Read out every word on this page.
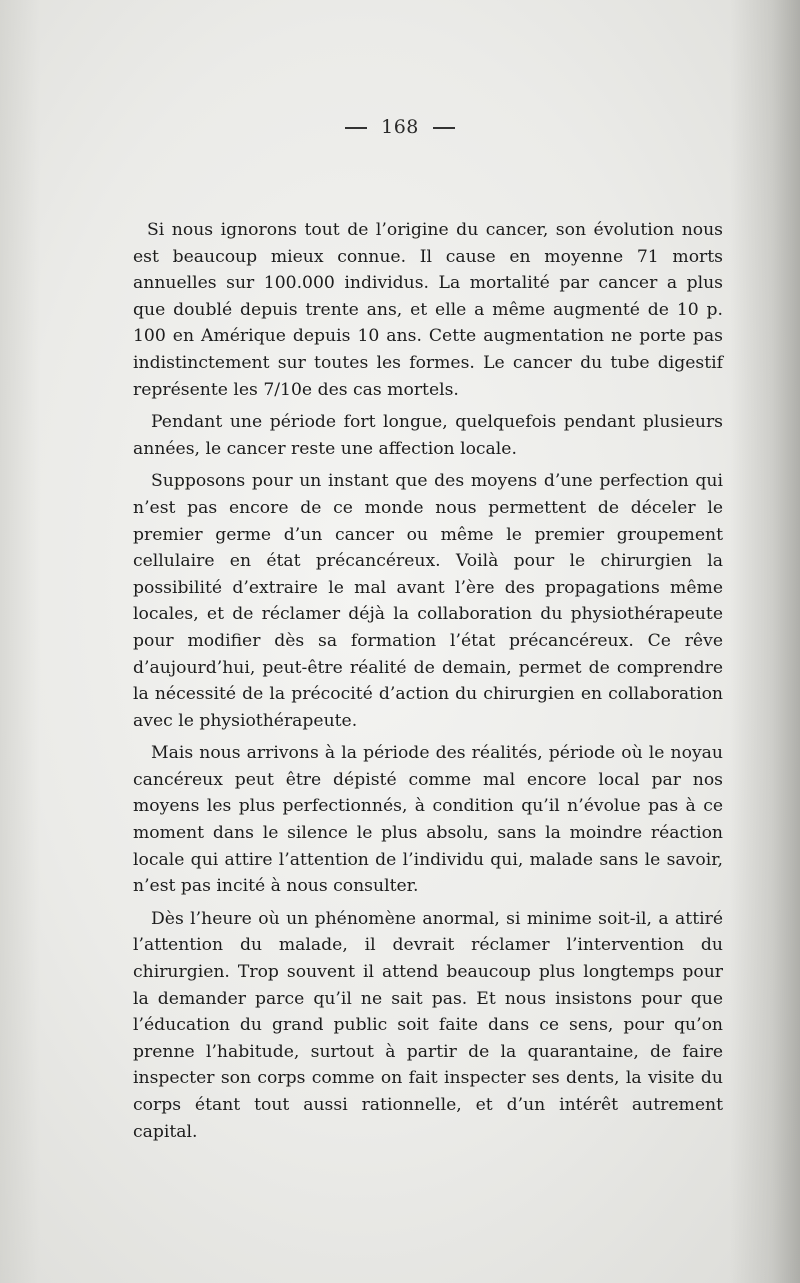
168

Si nous ignorons tout de l’origine du cancer, son évolution nous est beaucoup mieux connue. Il cause en moyenne 71 morts annuelles sur 100.000 individus. La mortalité par cancer a plus que doublé depuis trente ans, et elle a même augmenté de 10 p. 100 en Amérique depuis 10 ans. Cette augmentation ne porte pas indistinctement sur toutes les formes. Le cancer du tube digestif représente les 7/10e des cas mortels.

Pendant une période fort longue, quelquefois pendant plusieurs années, le cancer reste une affection locale.

Supposons pour un instant que des moyens d’une perfection qui n’est pas encore de ce monde nous permettent de déceler le premier germe d’un cancer ou même le premier groupement cellulaire en état précancéreux. Voilà pour le chirurgien la possibilité d’extraire le mal avant l’ère des propagations même locales, et de réclamer déjà la collaboration du physiothérapeute pour modifier dès sa formation l’état précancéreux. Ce rêve d’aujourd’hui, peut-être réalité de demain, permet de comprendre la nécessité de la précocité d’action du chirurgien en collaboration avec le physiothérapeute.

Mais nous arrivons à la période des réalités, période où le noyau cancéreux peut être dépisté comme mal encore local par nos moyens les plus perfectionnés, à condition qu’il n’évolue pas à ce moment dans le silence le plus absolu, sans la moindre réaction locale qui attire l’attention de l’individu qui, malade sans le savoir, n’est pas incité à nous consulter.

Dès l’heure où un phénomène anormal, si minime soit-il, a attiré l’attention du malade, il devrait réclamer l’intervention du chirurgien. Trop souvent il attend beaucoup plus longtemps pour la demander parce qu’il ne sait pas. Et nous insistons pour que l’éducation du grand public soit faite dans ce sens, pour qu’on prenne l’habitude, surtout à partir de la quarantaine, de faire inspecter son corps comme on fait inspecter ses dents, la visite du corps étant tout aussi rationnelle, et d’un intérêt autrement capital.
